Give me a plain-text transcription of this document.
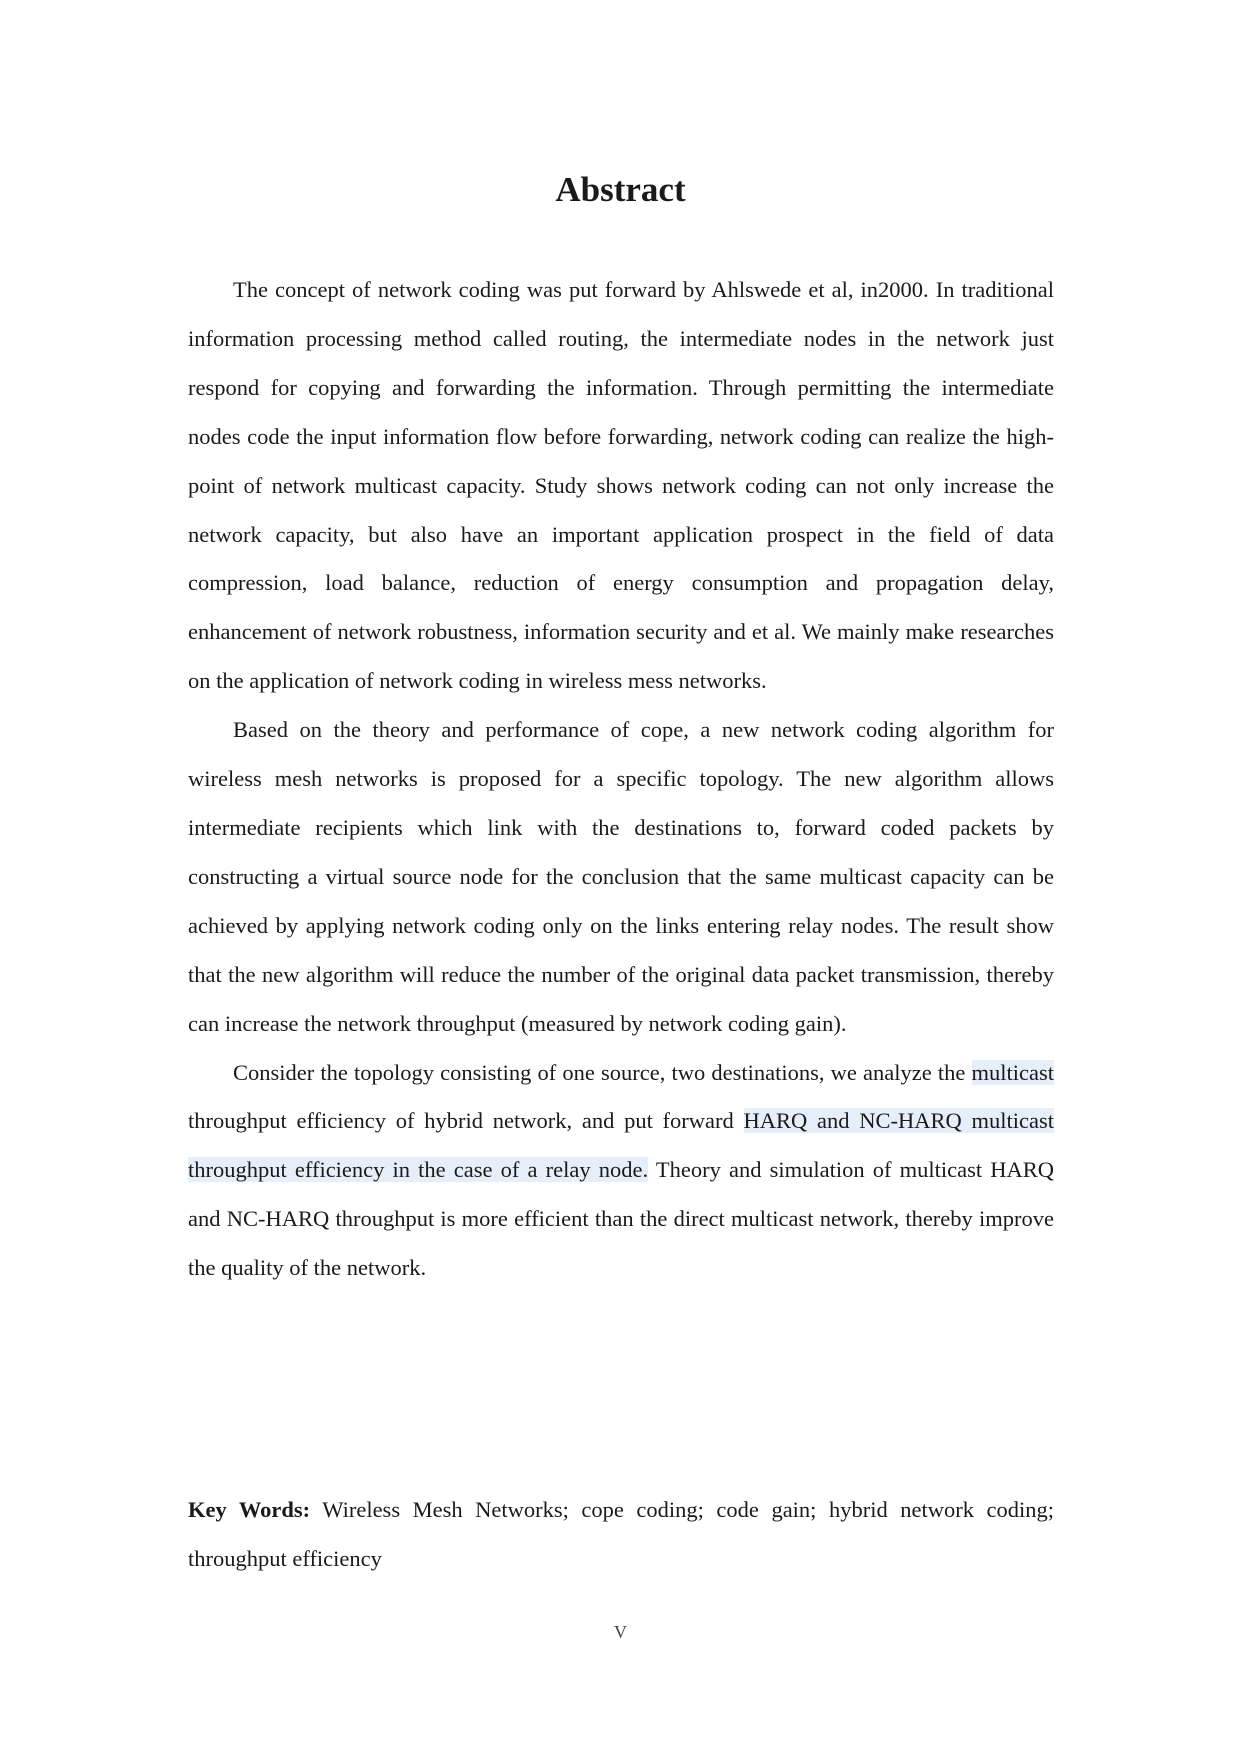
Abstract

The concept of network coding was put forward by Ahlswede et al, in2000. In traditional information processing method called routing, the intermediate nodes in the network just respond for copying and forwarding the information. Through permitting the intermediate nodes code the input information flow before forwarding, network coding can realize the high- point of network multicast capacity. Study shows network coding can not only increase the network capacity, but also have an important application prospect in the field of data compression, load balance, reduction of energy consumption and propagation delay, enhancement of network robustness, information security and et al. We mainly make researches on the application of network coding in wireless mess networks.

Based on the theory and performance of cope, a new network coding algorithm for wireless mesh networks is proposed for a specific topology. The new algorithm allows intermediate recipients which link with the destinations to, forward coded packets by constructing a virtual source node for the conclusion that the same multicast capacity can be achieved by applying network coding only on the links entering relay nodes. The result show that the new algorithm will reduce the number of the original data packet transmission, thereby can increase the network throughput (measured by network coding gain).

Consider the topology consisting of one source, two destinations, we analyze the multicast throughput efficiency of hybrid network, and put forward HARQ and NC-HARQ multicast throughput efficiency in the case of a relay node. Theory and simulation of multicast HARQ and NC-HARQ throughput is more efficient than the direct multicast network, thereby improve the quality of the network.

Key Words: Wireless Mesh Networks; cope coding; code gain; hybrid network coding; throughput efficiency

V
